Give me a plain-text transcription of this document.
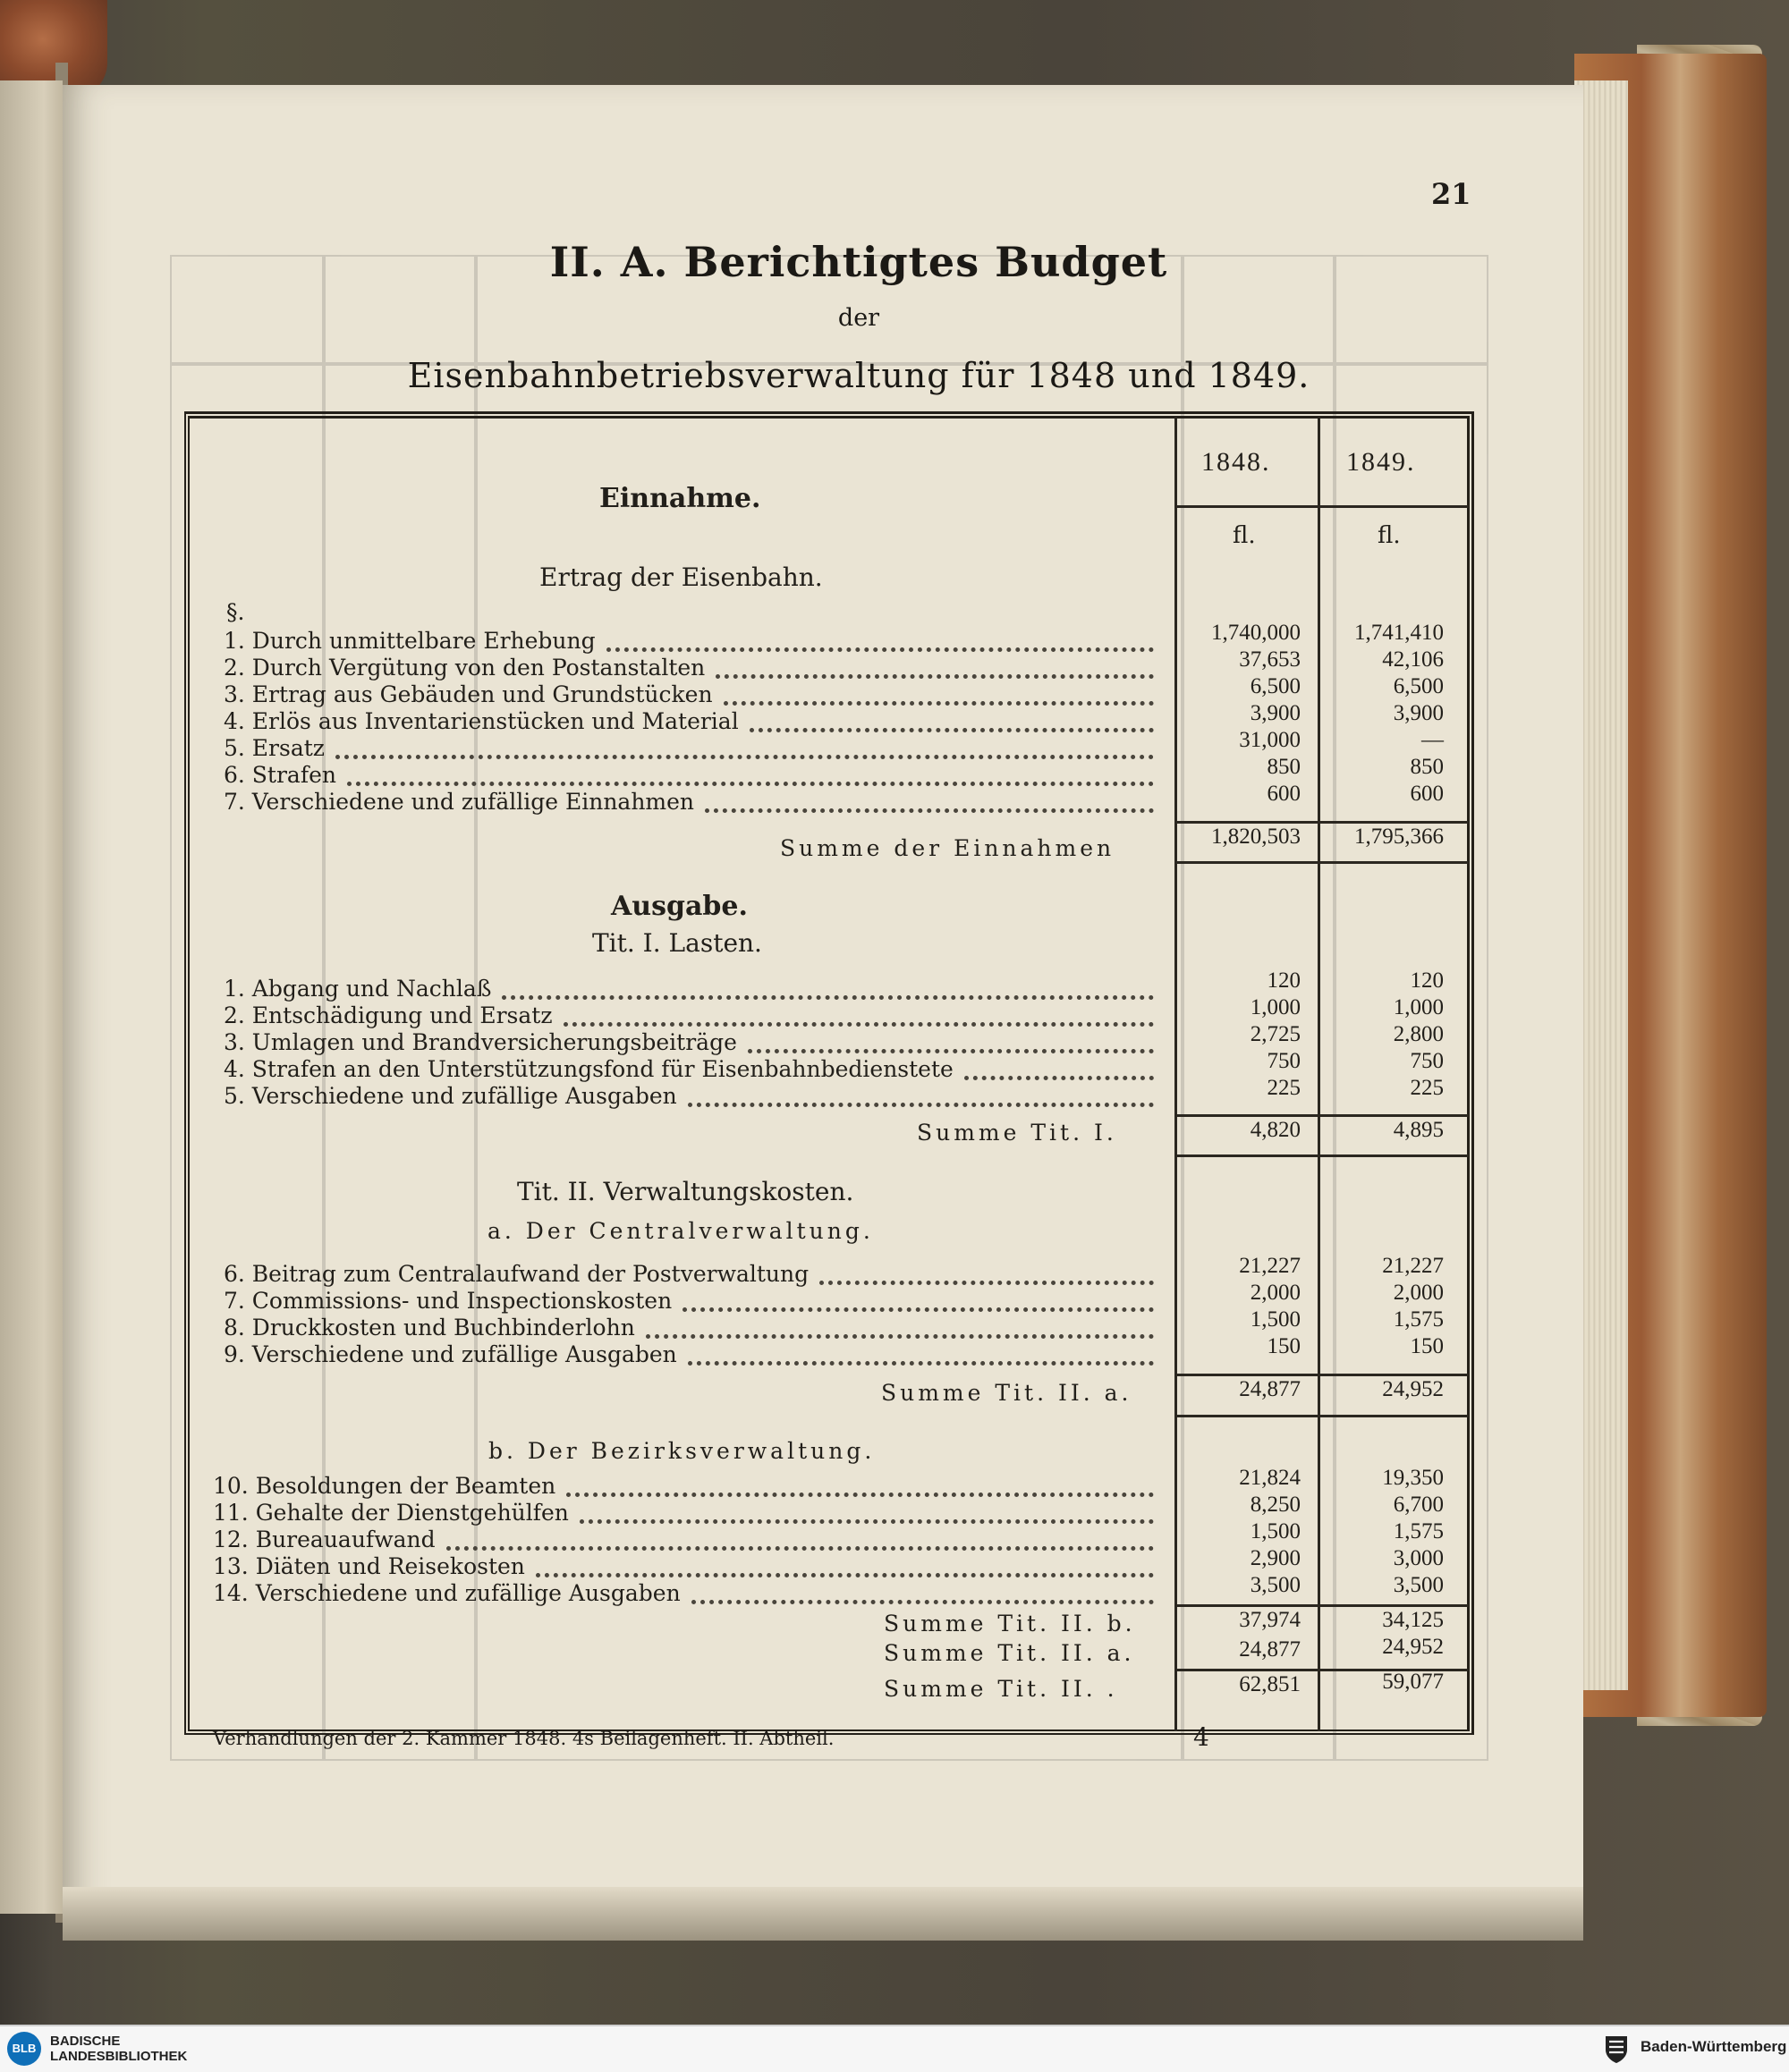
21
II. A. Berichtigtes Budget
der
Eisenbahnbetriebsverwaltung für 1848 und 1849.
1848.	1849.
fl.	fl.
Einnahme.
Ertrag der Eisenbahn.
§.
1. Durch unmittelbare Erhebung	1,740,000	1,741,410
2. Durch Vergütung von den Postanstalten	37,653	42,106
3. Ertrag aus Gebäuden und Grundstücken	6,500	6,500
4. Erlös aus Inventarienstücken und Material	3,900	3,900
5. Ersatz	31,000	—
6. Strafen	850	850
7. Verschiedene und zufällige Einnahmen	600	600
Summe der Einnahmen	1,820,503	1,795,366
Ausgabe.
Tit. I. Lasten.
1. Abgang und Nachlaß	120	120
2. Entschädigung und Ersatz	1,000	1,000
3. Umlagen und Brandversicherungsbeiträge	2,725	2,800
4. Strafen an den Unterstützungsfond für Eisenbahnbedienstete	750	750
5. Verschiedene und zufällige Ausgaben	225	225
Summe Tit. I.	4,820	4,895
Tit. II. Verwaltungskosten.
a. Der Centralverwaltung.
6. Beitrag zum Centralaufwand der Postverwaltung	21,227	21,227
7. Commissions- und Inspectionskosten	2,000	2,000
8. Druckkosten und Buchbinderlohn	1,500	1,575
9. Verschiedene und zufällige Ausgaben	150	150
Summe Tit. II. a.	24,877	24,952
b. Der Bezirksverwaltung.
10. Besoldungen der Beamten	21,824	19,350
11. Gehalte der Dienstgehülfen	8,250	6,700
12. Bureauaufwand	1,500	1,575
13. Diäten und Reisekosten	2,900	3,000
14. Verschiedene und zufällige Ausgaben	3,500	3,500
Summe Tit. II. b.	37,974	34,125
Summe Tit. II. a.	24,877	24,952
Summe Tit. II. .	62,851	59,077
Verhandlungen der 2. Kammer 1848. 4s Beilagenheft. II. Abtheil.	4
BLB	BADISCHE
LANDESBIBLIOTHEK
Baden-Württemberg
